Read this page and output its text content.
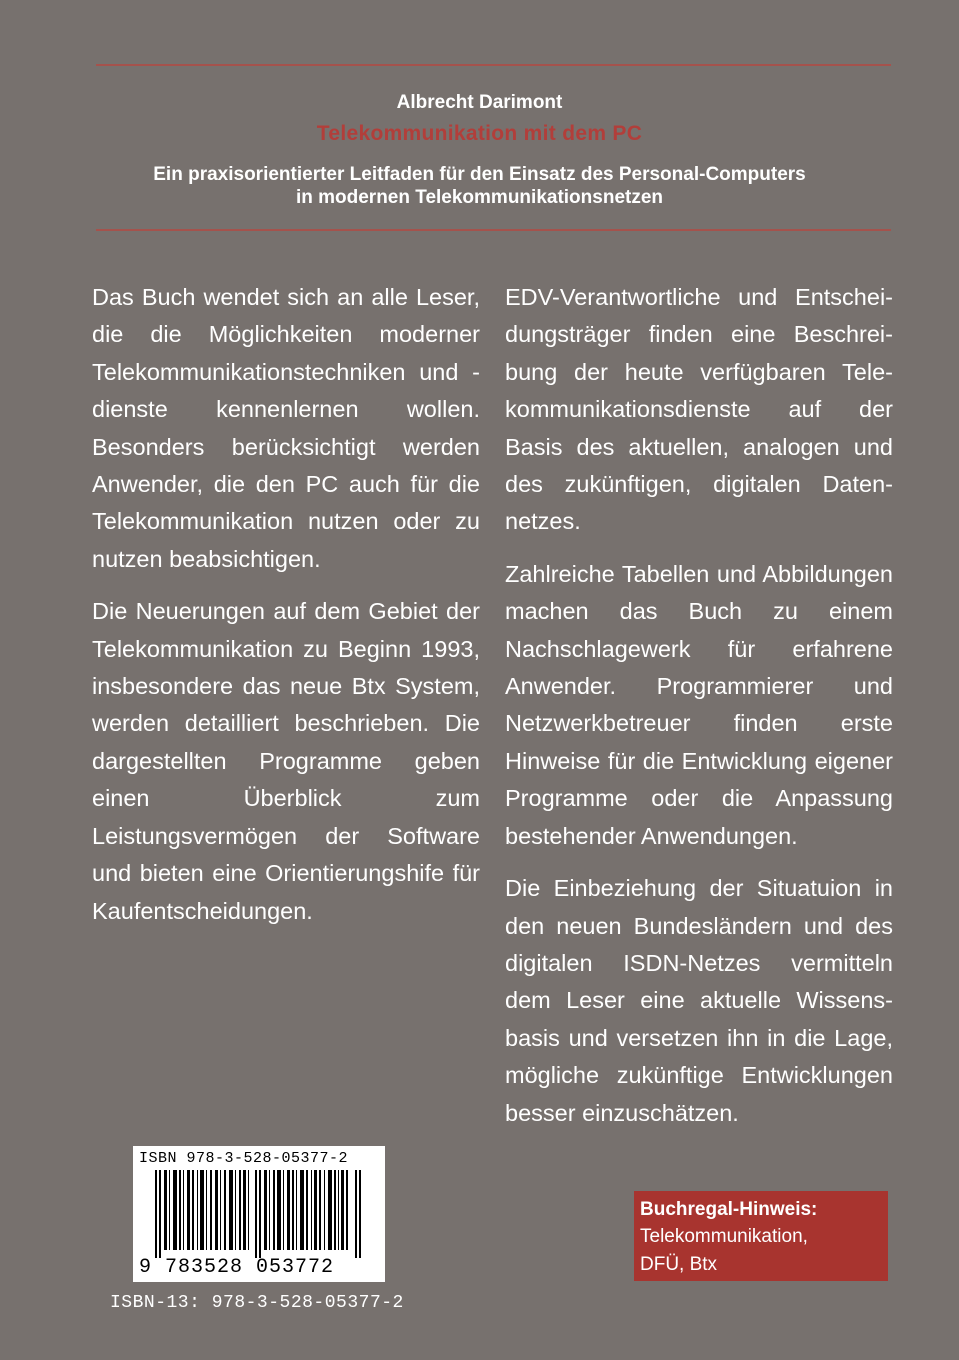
Albrecht Darimont
Telekommunikation mit dem PC
Ein praxisorientierter Leitfaden für den Einsatz des Personal-Computers
in modernen Telekommunikationsnetzen

Das Buch wendet sich an alle Leser, die die Möglichkeiten moderner Telekommunikationstechniken und -dienste kennenlernen wollen. Besonders berücksichtigt werden Anwender, die den PC auch für die Telekommunikation nutzen oder zu nutzen beabsichtigen.

Die Neuerungen auf dem Gebiet der Telekommunikation zu Beginn 1993, insbesondere das neue Btx System, werden detailliert beschrieben. Die dargestellten Programme geben einen Überblick zum Leistungsvermögen der Software und bieten eine Orientierungshife für Kaufentscheidungen.

EDV-Verantwortliche und Entscheidungsträger finden eine Beschreibung der heute verfügbaren Telekommunikationsdienste auf der Basis des aktuellen, analogen und des zukünftigen, digitalen Datennetzes.

Zahlreiche Tabellen und Abbildungen machen das Buch zu einem Nachschlagewerk für erfahrene Anwender. Programmierer und Netzwerkbetreuer finden erste Hinweise für die Entwicklung eigener Programme oder die Anpassung bestehender Anwendungen.

Die Einbeziehung der Situatuion in den neuen Bundesländern und des digitalen ISDN-Netzes vermitteln dem Leser eine aktuelle Wissensbasis und versetzen ihn in die Lage, mögliche zukünftige Entwicklungen besser einzuschätzen.

ISBN 978-3-528-05377-2
9 783528 053772
ISBN-13: 978-3-528-05377-2
Buchregal-Hinweis:
Telekommunikation,
DFÜ, Btx
